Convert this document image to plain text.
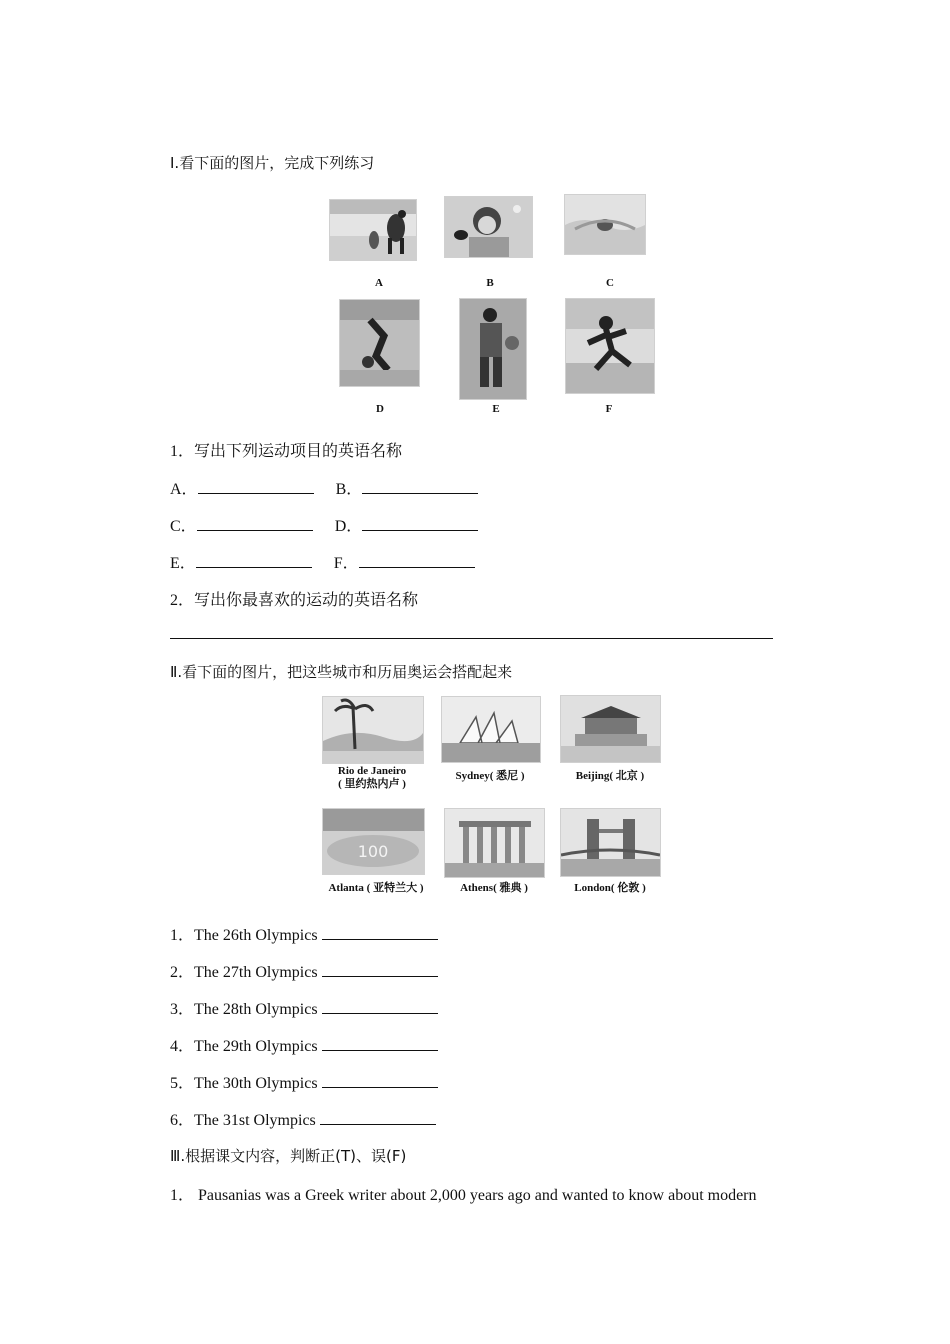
Ⅰ.看下面的图片，完成下列练习
A	B	C
D	E	F
1．写出下列运动项目的英语名称
A．	B．
C．	D．
E．	F．
2．写出你最喜欢的运动的英语名称
Ⅱ.看下面的图片，把这些城市和历届奥运会搭配起来
Rio de Janeiro
( 里约热内卢 )
Sydney( 悉尼 )	Beijing( 北京 )
100
Atlanta ( 亚特兰大 )	Athens( 雅典 )	London( 伦敦 )
1．The 26th Olympics
2．The 27th Olympics
3．The 28th Olympics
4．The 29th Olympics
5．The 30th Olympics
6．The 31st Olympics
Ⅲ.根据课文内容，判断正(T)、误(F)
1． Pausanias was a Greek writer about 2,000 years ago and wanted to know about modern
